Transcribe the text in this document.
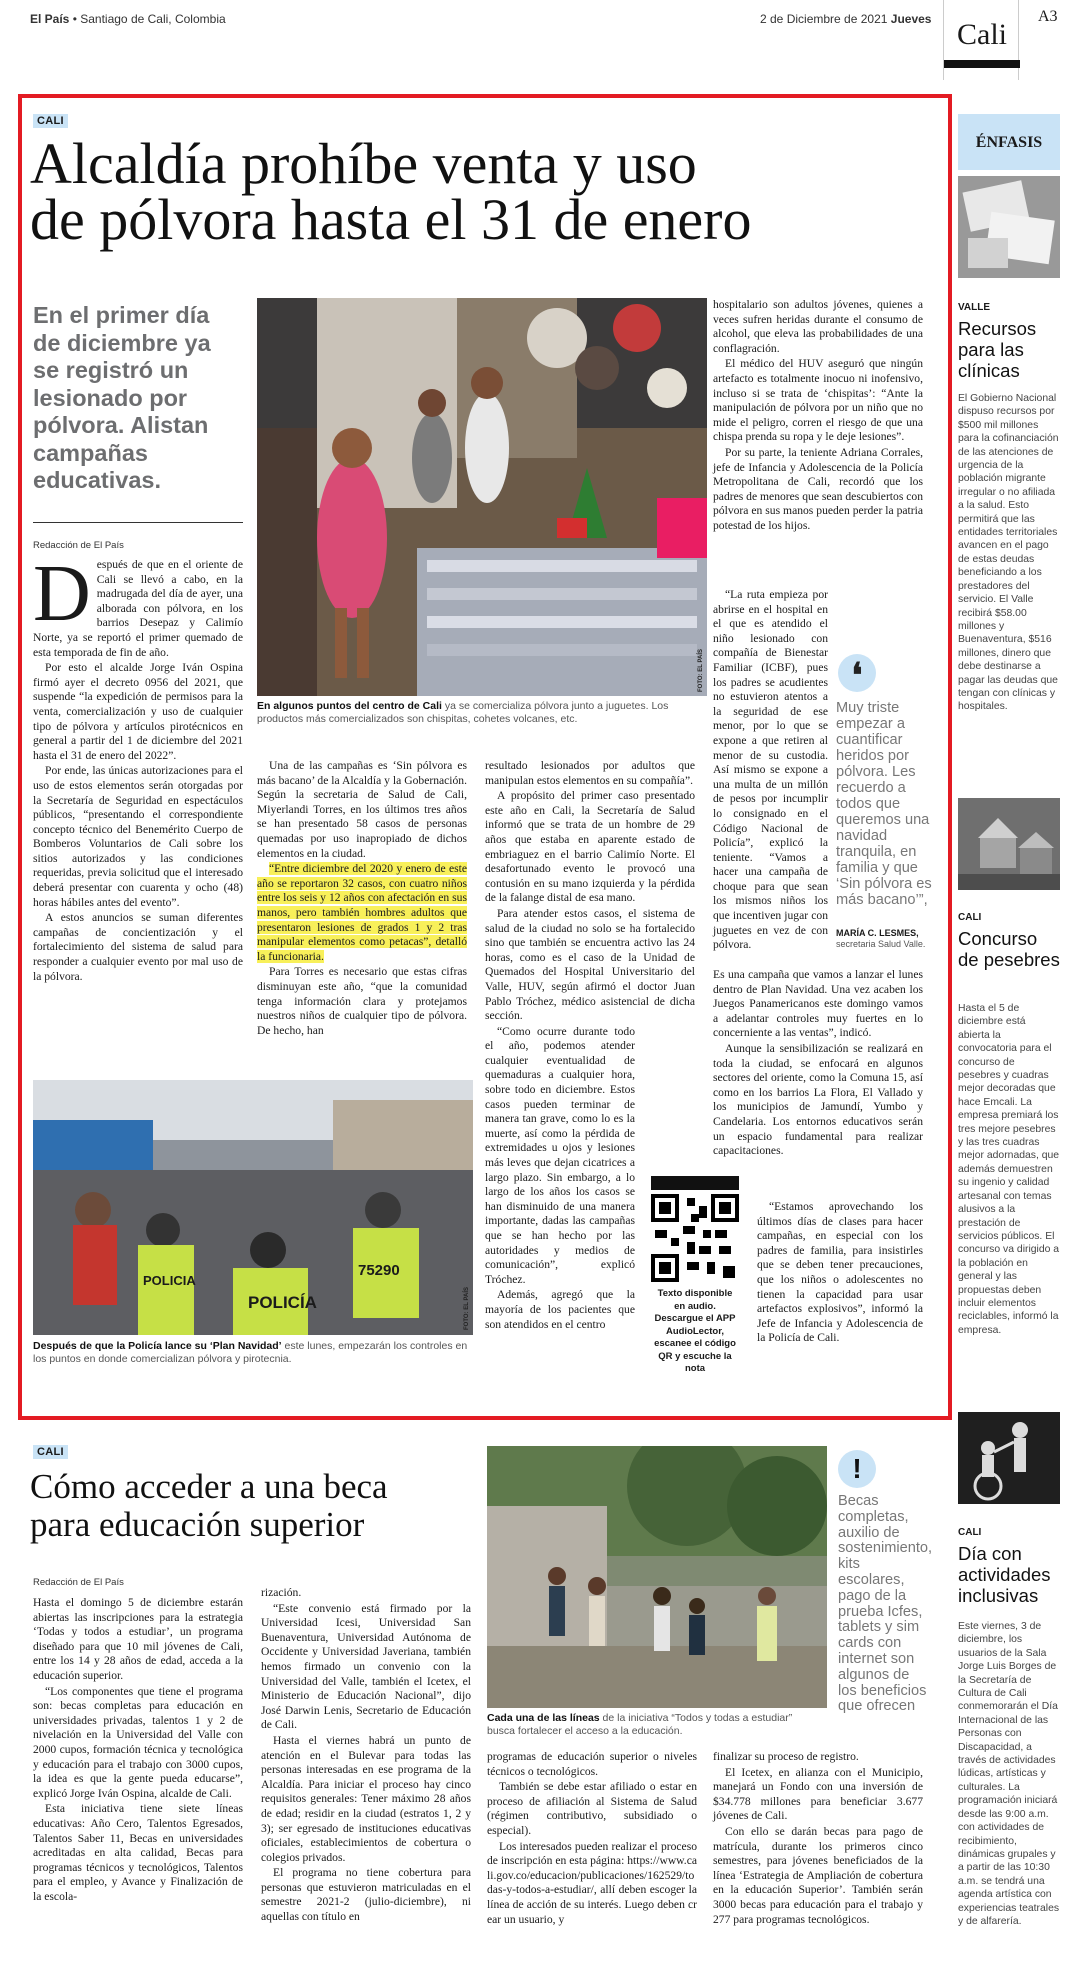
El País • Santiago de Cali, Colombia	2 de Diciembre de 2021 Jueves Cali
A3
CALI
Alcaldía prohíbe venta y uso
de pólvora hasta el 31 de enero
En el primer día de diciembre ya se registró un lesionado por pólvora. Alistan campañas educativas.
Redacción de El País
D espués de que en el oriente de Cali se llevó a cabo, en la madrugada del día de ayer, una alborada con pólvora, en los barrios Desepaz y Calimío Norte, ya se reportó el primer quemado de esta temporada de fin de año.

Por esto el alcalde Jorge Iván Ospina firmó ayer el decreto 0956 del 2021, que suspende “la expedición de permisos para la venta, comercialización y uso de cualquier tipo de pólvora y artículos pirotécnicos en general a partir del 1 de diciembre del 2021 hasta el 31 de enero del 2022”.

Por ende, las únicas autorizaciones para el uso de estos elementos serán otorgadas por la Secretaría de Seguridad en espectáculos públicos, “presentando el correspondiente concepto técnico del Benemérito Cuerpo de Bomberos Voluntarios de Cali sobre los sitios autorizados y las condiciones requeridas, previa solicitud que el interesado deberá presentar con cuarenta y ocho (48) horas hábiles antes del evento”.

A estos anuncios se suman diferentes campañas de concientización y el fortalecimiento del sistema de salud para responder a cualquier evento por mal uso de la pólvora.

FOTO: EL PAÍS
En algunos puntos del centro de Cali ya se comercializa pólvora junto a juguetes. Los productos más comercializados son chispitas, cohetes volcanes, etc.

Una de las campañas es ‘Sin pólvora es más bacano’ de la Alcaldía y la Gobernación. Según la secretaria de Salud de Cali, Miyerlandi Torres, en los últimos tres años se han presentado 58 casos de personas quemadas por uso inapropiado de dichos elementos en la ciudad.

“Entre diciembre del 2020 y enero de este año se reportaron 32 casos, con cuatro niños entre los seis y 12 años con afectación en sus manos, pero también hombres adultos que presentaron lesiones de grados 1 y 2 tras manipular elementos como petacas”, detalló la funcionaria.

Para Torres es necesario que estas cifras disminuyan este año, “que la comunidad tenga información clara y protejamos nuestros niños de cualquier tipo de pólvora. De hecho, han

POLICÍA
POLICIA
75290
FOTO: EL PAÍS
Después de que la Policía lance su ‘Plan Navidad’ este lunes, empezarán los controles en los puntos en donde comercializan pólvora y pirotecnia.

resultado lesionados por adultos que manipulan estos elementos en su compañía”.

A propósito del primer caso presentado este año en Cali, la Secretaría de Salud informó que se trata de un hombre de 29 años que estaba en aparente estado de embriaguez en el barrio Calimío Norte. El desafortunado evento le provocó una contusión en su mano izquierda y la pérdida de la falange distal de esa mano.

Para atender estos casos, el sistema de salud de la ciudad no solo se ha fortalecido sino que también se encuentra activo las 24 horas, como es el caso de la Unidad de Quemados del Hospital Universitario del Valle, HUV, según afirmó el doctor Juan Pablo Tróchez, médico asistencial de dicha sección.

“Como ocurre durante todo el año, podemos atender cualquier eventualidad de quemaduras a cualquier hora, sobre todo en diciembre. Estos casos pueden terminar de manera tan grave, como lo es la muerte, así como la pérdida de extremidades u ojos y lesiones más leves que dejan cicatrices a largo plazo. Sin embargo, a lo largo de los años los casos se han disminuido de una manera importante, dadas las campañas que se han hecho por las autoridades y medios de comunicación”, explicó Tróchez.

Además, agregó que la mayoría de los pacientes que son atendidos en el centro

Texto disponible en audio. Descargue el APP AudioLector, escanee el código QR y escuche la nota

hospitalario son adultos jóvenes, quienes a veces sufren heridas durante el consumo de alcohol, que eleva las probabilidades de una conflagración.

El médico del HUV aseguró que ningún artefacto es totalmente inocuo ni inofensivo, incluso si se trata de ‘chispitas’: “Ante la manipulación de pólvora por un niño que no mide el peligro, corren el riesgo de que una chispa prenda su ropa y le deje lesiones”.

Por su parte, la teniente Adriana Corrales, jefe de Infancia y Adolescencia de la Policía Metropolitana de Cali, recordó que los padres de menores que sean descubiertos con pólvora en sus manos pueden perder la patria potestad de los hijos.

“La ruta empieza por abrirse en el hospital en el que es atendido el niño lesionado con compañía de Bienestar Familiar (ICBF), pues los padres se acudientes no estuvieron atentos a la seguridad de ese menor, por lo que se expone a que retiren al menor de su custodia. Así mismo se expone a una multa de un millón de pesos por incumplir lo consignado en el Código Nacional de Policía”, explicó la teniente. “Vamos a hacer una campaña de choque para que sean los mismos niños los que incentiven jugar con juguetes en vez de con pólvora.

Es una campaña que vamos a lanzar el lunes dentro de Plan Navidad. Una vez acaben los Juegos Panamericanos este domingo vamos a adelantar controles muy fuertes en lo concerniente a las ventas”, indicó.

Aunque la sensibilización se realizará en toda la ciudad, se enfocará en algunos sectores del oriente, como la Comuna 15, así como en los barrios La Flora, El Vallado y los municipios de Jamundí, Yumbo y Candelaria. Los entornos educativos serán un espacio fundamental para realizar capacitaciones.

“Estamos aprovechando los últimos días de clases para hacer campañas, en especial con los padres de familia, para insistirles que se deben tener precauciones, que los niños o adolescentes no tienen la capacidad para usar artefactos explosivos”, informó la Jefe de Infancia y Adolescencia de la Policía de Cali.

❛
Muy triste empezar a cuantificar heridos por pólvora. Les recuerdo a todos que queremos una navidad tranquila, en familia y que ‘Sin pólvora es más bacano’”,
MARÍA C. LESMES,
secretaria Salud Valle.
ÉNFASIS
VALLE
Recursos para las clínicas
El Gobierno Nacional dispuso recursos por $500 mil millones para la cofinanciación de las atenciones de urgencia de la población migrante irregular o no afiliada a la salud. Esto permitirá que las entidades territoriales avancen en el pago de estas deudas beneficiando a los prestadores del servicio. El Valle recibirá $58.00 millones y Buenaventura, $516 millones, dinero que debe destinarse a pagar las deudas que tengan con clínicas y hospitales.
CALI
Concurso de pesebres
Hasta el 5 de diciembre está abierta la convocatoria para el concurso de pesebres y cuadras mejor decoradas que hace Emcali. La empresa premiará los tres mejore pesebres y las tres cuadras mejor adornadas, que además demuestren su ingenio y calidad artesanal con temas alusivos a la prestación de servicios públicos. El concurso va dirigido a la población en general y las propuestas deben incluir elementos reciclables, informó la empresa.
CALI
Día con actividades inclusivas
Este viernes, 3 de diciembre, los usuarios de la Sala Jorge Luis Borges de la Secretaría de Cultura de Cali conmemorarán el Día Internacional de las Personas con Discapacidad, a través de actividades lúdicas, artísticas y culturales. La programación iniciará desde las 9:00 a.m. con actividades de recibimiento, dinámicas grupales y a partir de las 10:30 a.m. se tendrá una agenda artística con experiencias teatrales y de alfarería.
CALI
Cómo acceder a una beca
para educación superior
Redacción de El País

Hasta el domingo 5 de diciembre estarán abiertas las inscripciones para la estrategia ‘Todas y todos a estudiar’, un programa diseñado para que 10 mil jóvenes de Cali, entre los 14 y 28 años de edad, acceda a la educación superior.

“Los componentes que tiene el programa son: becas completas para educación en universidades privadas, talentos 1 y 2 de nivelación en la Universidad del Valle con 2000 cupos, formación técnica y tecnológica y educación para el trabajo con 3000 cupos, la idea es que la gente pueda educarse”, explicó Jorge Iván Ospina, alcalde de Cali.

Esta iniciativa tiene siete líneas educativas: Año Cero, Talentos Egresados, Talentos Saber 11, Becas en universidades acreditadas en alta calidad, Becas para programas técnicos y tecnológicos, Talentos para el empleo, y Avance y Finalización de la escola-

rización.

“Este convenio está firmado por la Universidad Icesi, Universidad San Buenaventura, Universidad Autónoma de Occidente y Universidad Javeriana, también hemos firmado un convenio con la Universidad del Valle, también el Icetex, el Ministerio de Educación Nacional”, dijo José Darwin Lenis, Secretario de Educación de Cali.

Hasta el viernes habrá un punto de atención en el Bulevar para todas las personas interesadas en ese programa de la Alcaldía. Para iniciar el proceso hay cinco requisitos generales: Tener máximo 28 años de edad; residir en la ciudad (estratos 1, 2 y 3); ser egresado de instituciones educativas oficiales, establecimientos de cobertura o colegios privados.

El programa no tiene cobertura para personas que estuvieron matriculadas en el semestre 2021-2 (julio-diciembre), ni aquellas con título en

Cada una de las líneas de la iniciativa “Todos y todas a estudiar” busca fortalecer el acceso a la educación.
!
Becas completas, auxilio de sostenimiento, kits escolares, pago de la prueba Icfes, tablets y sim cards con internet son algunos de los beneficios que ofrecen

programas de educación superior o niveles técnicos o tecnológicos.

También se debe estar afiliado o estar en proceso de afiliación al Sistema de Salud (régimen contributivo, subsidiado o especial).

Los interesados pueden realizar el proceso de inscripción en esta página: https://www.cali.gov.co/educacion/publicaciones/162529/todas-y-todos-a-estudiar/, allí deben escoger la línea de acción de su interés. Luego deben crear un usuario, y

finalizar su proceso de registro.

El Icetex, en alianza con el Municipio, manejará un Fondo con una inversión de $34.778 millones para beneficiar 3.677 jóvenes de Cali.

Con ello se darán becas para pago de matrícula, durante los primeros cinco semestres, para jóvenes beneficiados de la línea ‘Estrategia de Ampliación de cobertura en la educación Superior’. También serán 3000 becas para educación para el trabajo y 277 para programas tecnológicos.
